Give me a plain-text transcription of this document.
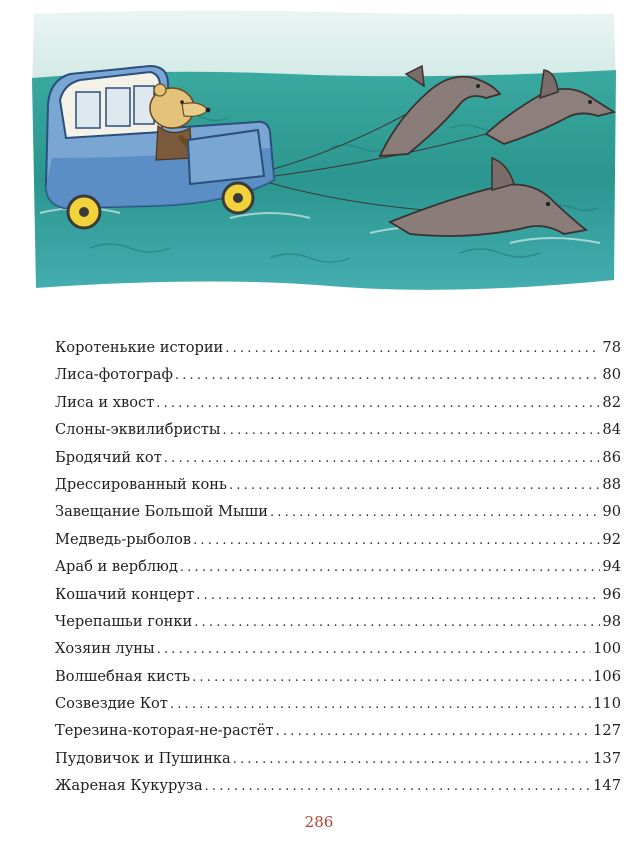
Коротенькие истории .....	78
Лиса-фотограф .....	80
Лиса и хвост .....	82
Слоны-эквилибристы .....	84
Бродячий кот .....	86
Дрессированный конь .....	88
Завещание Большой Мыши .....	90
Медведь-рыболов .....	92
Араб и верблюд .....	94
Кошачий концерт .....	96
Черепашьи гонки .....	98
Хозяин луны .....	100
Волшебная кисть .....	106
Созвездие Кот .....	110
Терезина-которая-не-растёт .....	127
Пудовичок и Пушинка .....	137
Жареная Кукуруза .....	147
286
